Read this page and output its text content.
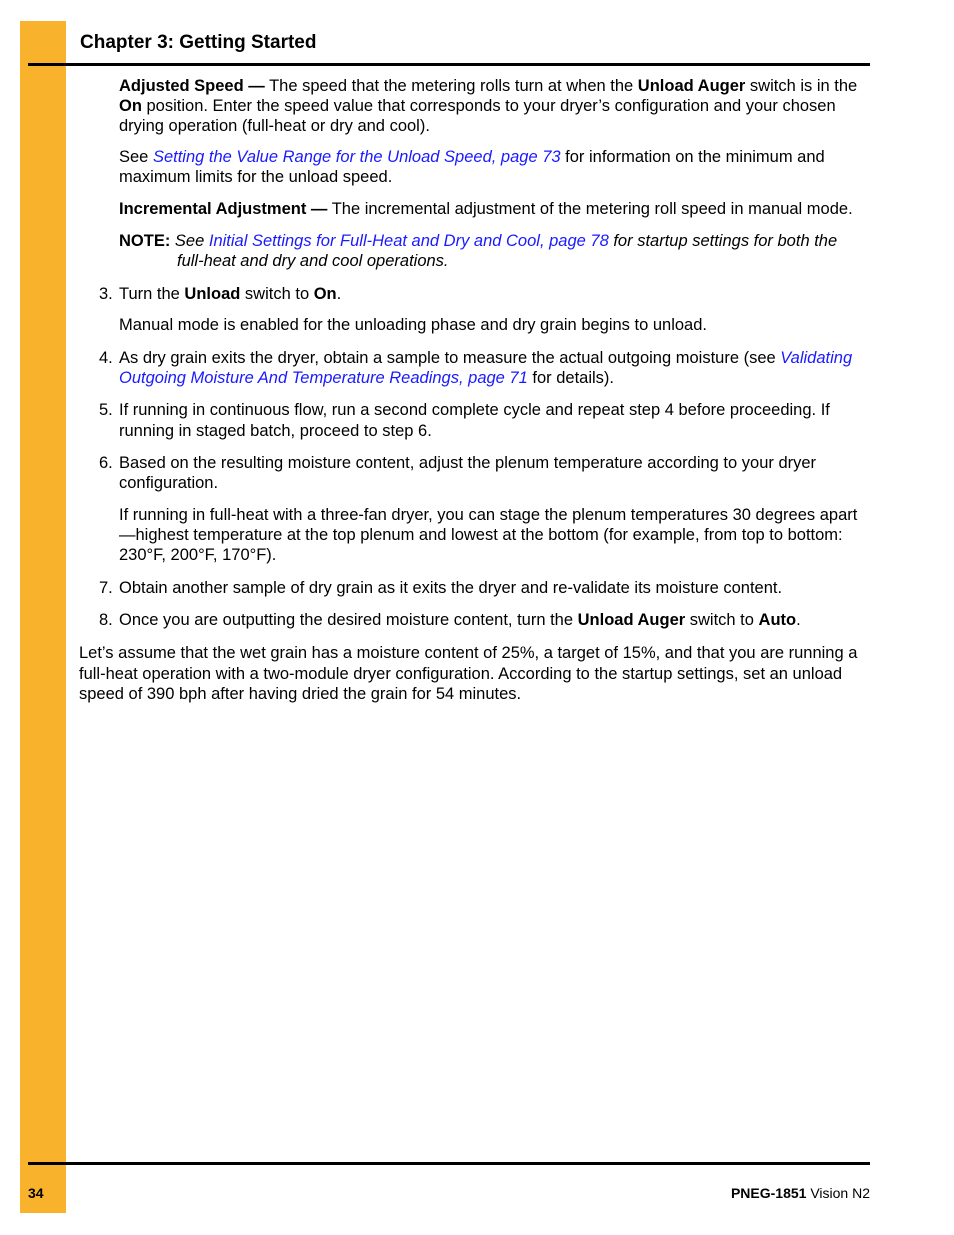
Chapter 3: Getting Started

Adjusted Speed — The speed that the metering rolls turn at when the Unload Auger switch is in the

On position. Enter the speed value that corresponds to your dryer’s configuration and your chosen

drying operation (full-heat or dry and cool).

See Setting the Value Range for the Unload Speed, page 73 for information on the minimum and

maximum limits for the unload speed.

Incremental Adjustment — The incremental adjustment of the metering roll speed in manual mode.

NOTE: See Initial Settings for Full-Heat and Dry and Cool, page 78 for startup settings for both the

full-heat and dry and cool operations.

3. Turn the Unload switch to On.

Manual mode is enabled for the unloading phase and dry grain begins to unload.

4. As dry grain exits the dryer, obtain a sample to measure the actual outgoing moisture (see Validating

Outgoing Moisture And Temperature Readings, page 71 for details).

5. If running in continuous flow, run a second complete cycle and repeat step 4 before proceeding. If

running in staged batch, proceed to step 6.

6. Based on the resulting moisture content, adjust the plenum temperature according to your dryer

configuration.

If running in full-heat with a three-fan dryer, you can stage the plenum temperatures 30 degrees apart

—highest temperature at the top plenum and lowest at the bottom (for example, from top to bottom:

230°F, 200°F, 170°F).

7. Obtain another sample of dry grain as it exits the dryer and re-validate its moisture content.

8. Once you are outputting the desired moisture content, turn the Unload Auger switch to Auto.

Let’s assume that the wet grain has a moisture content of 25%, a target of 15%, and that you are running a

full-heat operation with a two-module dryer configuration. According to the startup settings, set an unload

speed of 390 bph after having dried the grain for 54 minutes.

34	PNEG-1851 Vision N2
